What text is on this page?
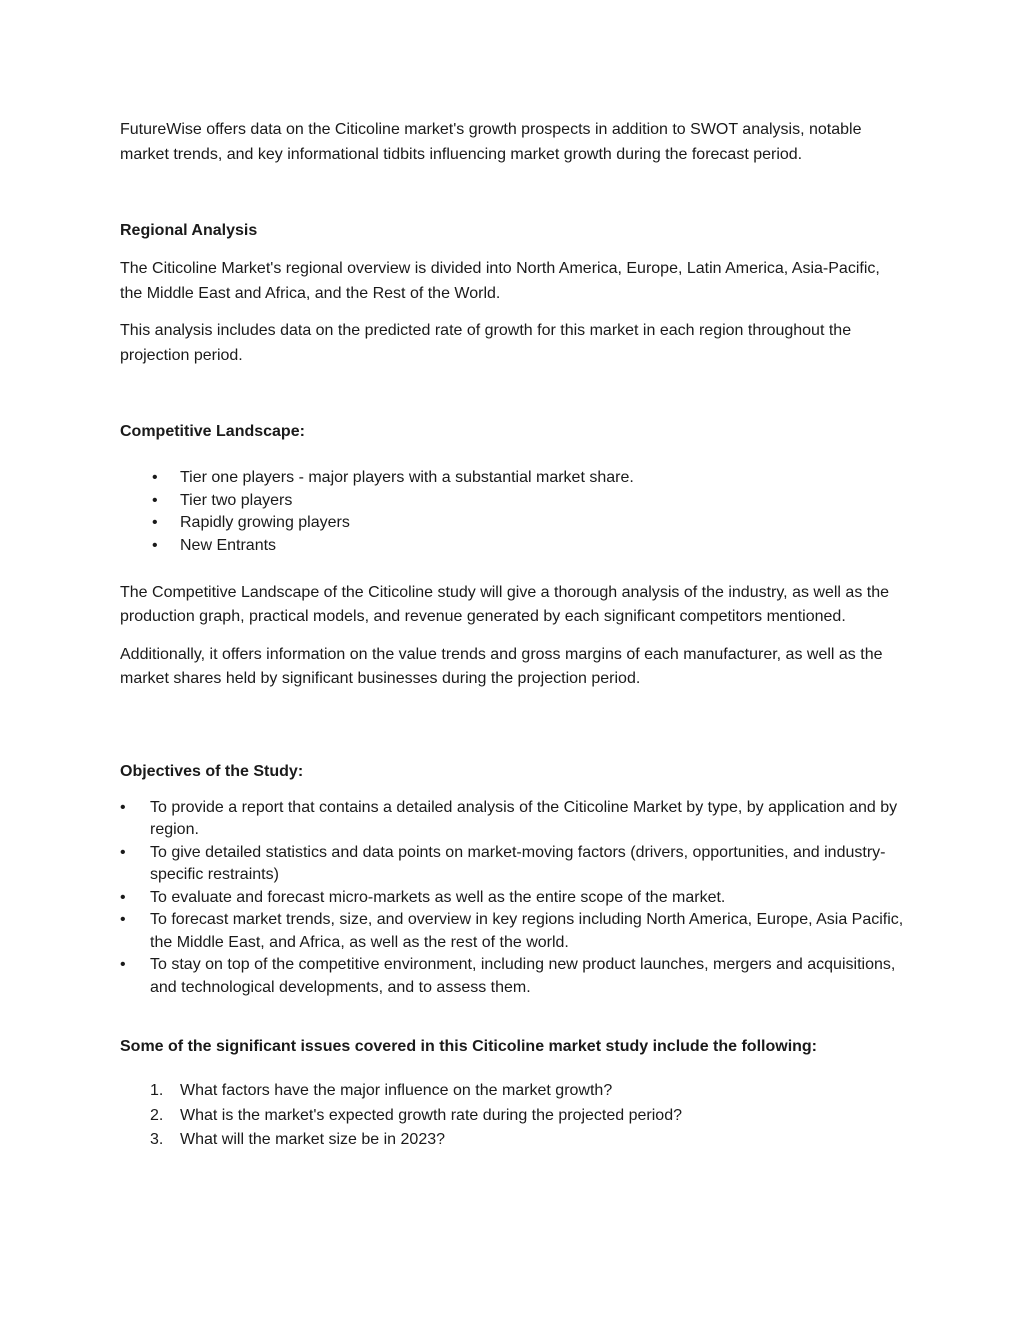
FutureWise offers data on the Citicoline market's growth prospects in addition to SWOT analysis, notable market trends, and key informational tidbits influencing market growth during the forecast period.

Regional Analysis

The Citicoline Market's regional overview is divided into North America, Europe, Latin America, Asia-Pacific, the Middle East and Africa, and the Rest of the World.

This analysis includes data on the predicted rate of growth for this market in each region throughout the projection period.

Competitive Landscape:

• Tier one players - major players with a substantial market share.
• Tier two players
• Rapidly growing players
• New Entrants

The Competitive Landscape of the Citicoline study will give a thorough analysis of the industry, as well as the production graph, practical models, and revenue generated by each significant competitors mentioned.

Additionally, it offers information on the value trends and gross margins of each manufacturer, as well as the market shares held by significant businesses during the projection period.

Objectives of the Study:

• To provide a report that contains a detailed analysis of the Citicoline Market by type, by application and by region.
• To give detailed statistics and data points on market-moving factors (drivers, opportunities, and industry-specific restraints)
• To evaluate and forecast micro-markets as well as the entire scope of the market.
• To forecast market trends, size, and overview in key regions including North America, Europe, Asia Pacific, the Middle East, and Africa, as well as the rest of the world.
• To stay on top of the competitive environment, including new product launches, mergers and acquisitions, and technological developments, and to assess them.

Some of the significant issues covered in this Citicoline market study include the following:

1. What factors have the major influence on the market growth?
2. What is the market's expected growth rate during the projected period?
3. What will the market size be in 2023?
